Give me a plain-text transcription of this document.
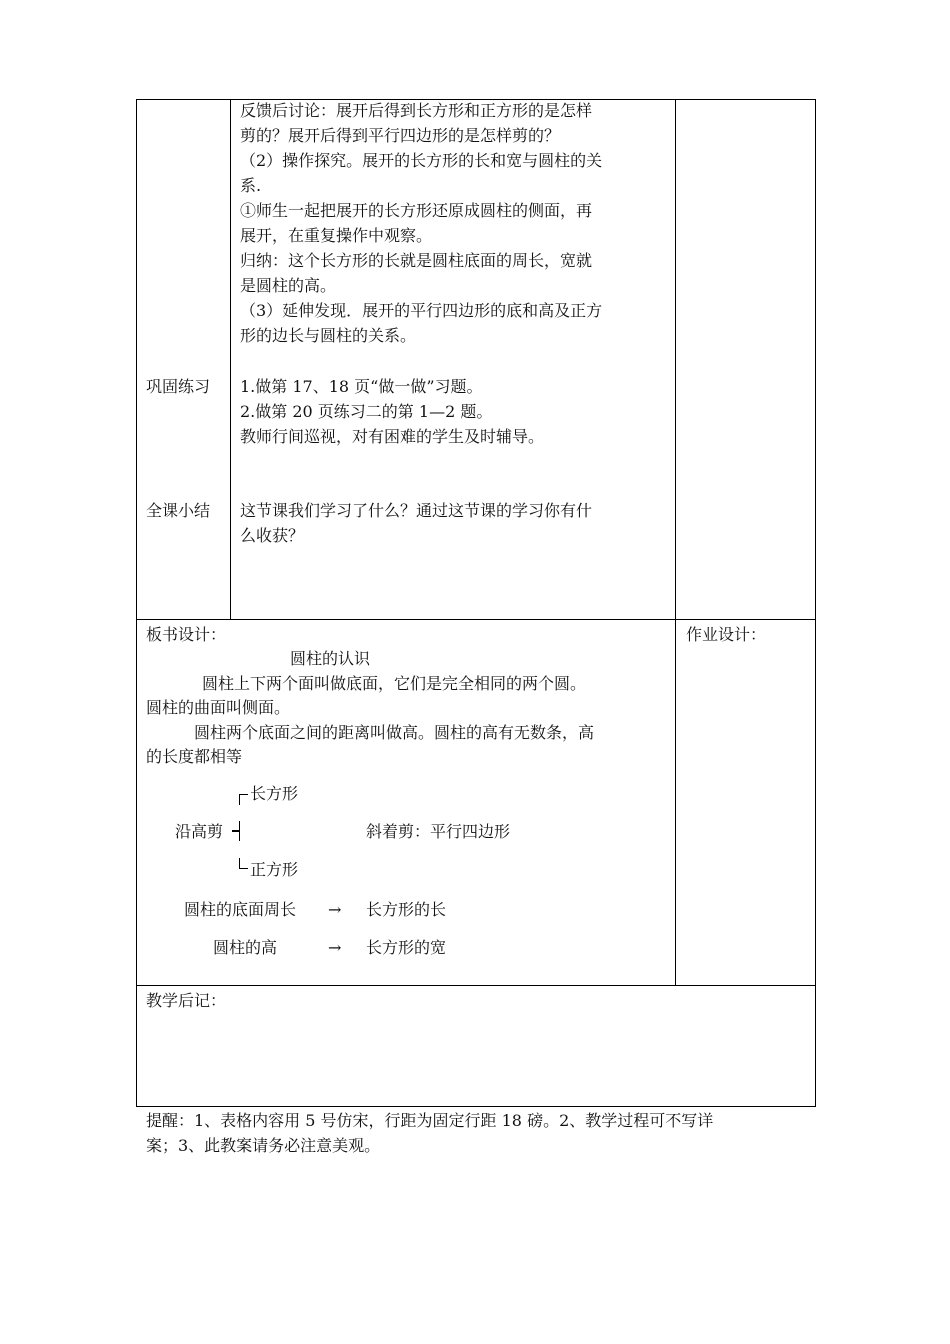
反馈后讨论：展开后得到长方形和正方形的是怎样
剪的？展开后得到平行四边形的是怎样剪的？
（2）操作探究。展开的长方形的长和宽与圆柱的关
系.
①师生一起把展开的长方形还原成圆柱的侧面，再
展开，在重复操作中观察。
归纳：这个长方形的长就是圆柱底面的周长，宽就
是圆柱的高。
（3）延伸发现．展开的平行四边形的底和高及正方
形的边长与圆柱的关系。
巩固练习 1.做第 17、18 页“做一做”习题。
2.做第 20 页练习二的第 1—2 题。
教师行间巡视，对有困难的学生及时辅导。
全课小结 这节课我们学习了什么？通过这节课的学习你有什
么收获？
板书设计：	作业设计：
圆柱的认识
圆柱上下两个面叫做底面，它们是完全相同的两个圆。
圆柱的曲面叫侧面。
圆柱两个底面之间的距离叫做高。圆柱的高有无数条，高
的长度都相等
长方形
沿高剪	斜着剪：平行四边形
正方形
圆柱的底面周长 → 长方形的长
圆柱的高	→ 长方形的宽
教学后记：
提醒：1、表格内容用 5 号仿宋，行距为固定行距 18 磅。2、教学过程可不写详
案；3、此教案请务必注意美观。
